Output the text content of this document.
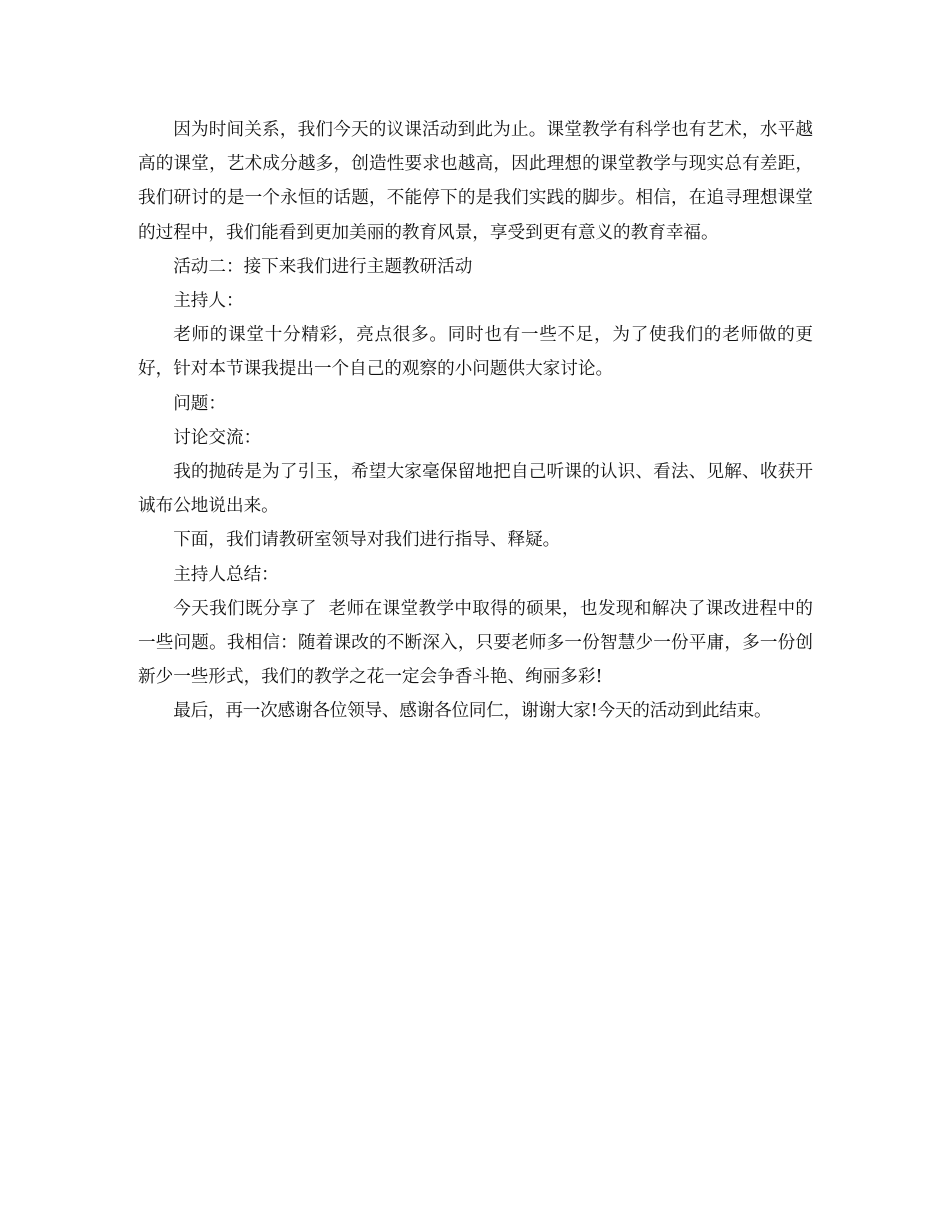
因为时间关系，我们今天的议课活动到此为止。课堂教学有科学也有艺术，水平越高的课堂，艺术成分越多，创造性要求也越高，因此理想的课堂教学与现实总有差距，我们研讨的是一个永恒的话题，不能停下的是我们实践的脚步。相信，在追寻理想课堂的过程中，我们能看到更加美丽的教育风景，享受到更有意义的教育幸福。

活动二：接下来我们进行主题教研活动

主持人：

老师的课堂十分精彩，亮点很多。同时也有一些不足，为了使我们的老师做的更好，针对本节课我提出一个自己的观察的小问题供大家讨论。

问题：

讨论交流：

我的抛砖是为了引玉，希望大家毫保留地把自己听课的认识、看法、见解、收获开诚布公地说出来。

下面，我们请教研室领导对我们进行指导、释疑。

主持人总结：

今天我们既分享了  老师在课堂教学中取得的硕果，也发现和解决了课改进程中的一些问题。我相信：随着课改的不断深入，只要老师多一份智慧少一份平庸，多一份创新少一些形式，我们的教学之花一定会争香斗艳、绚丽多彩!

最后，再一次感谢各位领导、感谢各位同仁，谢谢大家!今天的活动到此结束。
